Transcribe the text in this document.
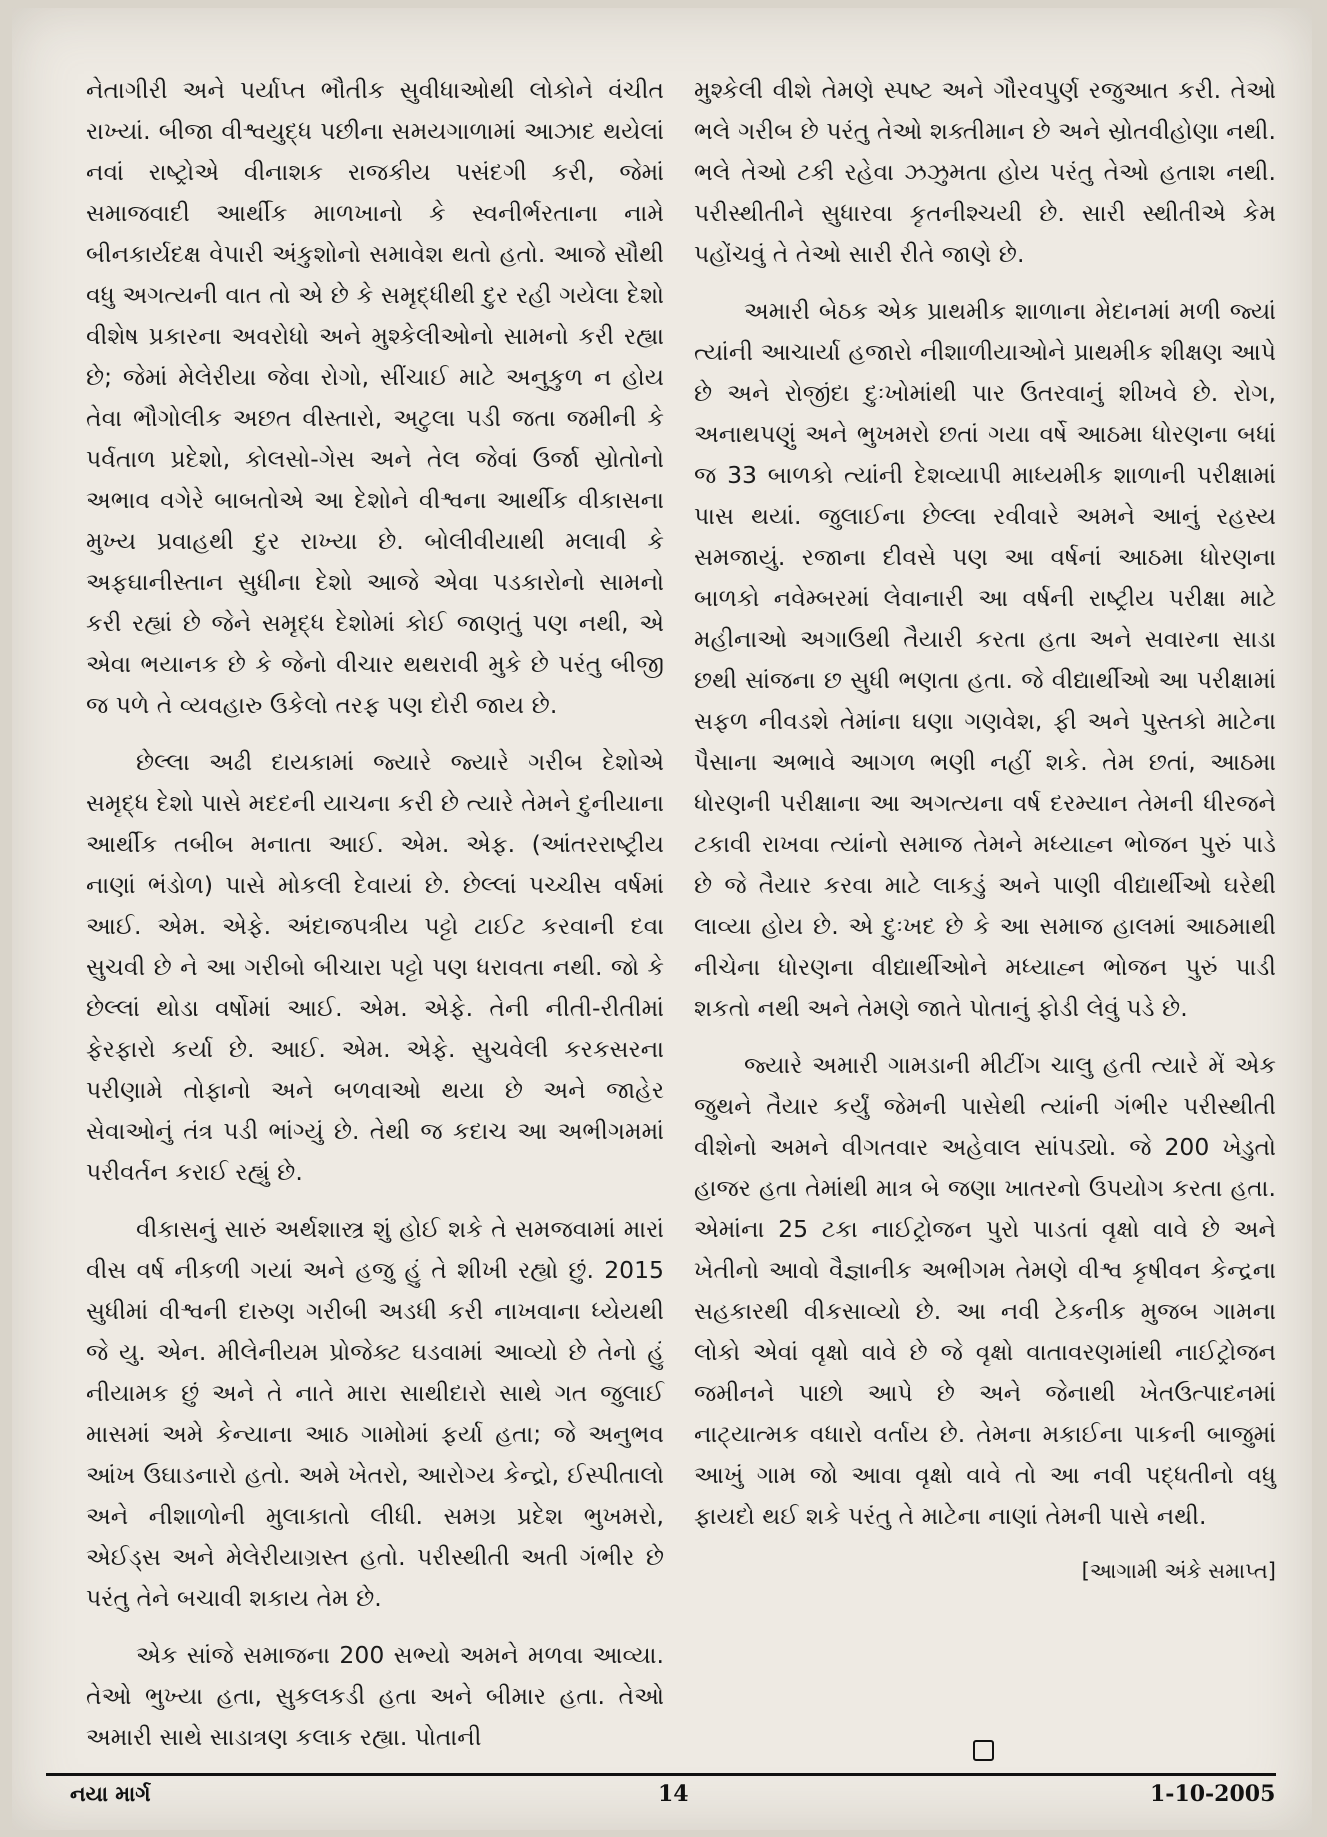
નેતાગીરી અને પર્યાપ્ત ભૌતીક સુવીધાઓથી લોકોને વંચીત રાખ્યાં. બીજા વીશ્વયુદ્ધ પછીના સમયગાળામાં આઝાદ થયેલાં નવાં રાષ્ટ્રોએ વીનાશક રાજકીય પસંદગી કરી, જેમાં સમાજવાદી આર્થીક માળખાનો કે સ્વનીર્ભરતાના નામે બીનકાર્યદક્ષ વેપારી અંકુશોનો સમાવેશ થતો હતો. આજે સૌથી વધુ અગત્યની વાત તો એ છે કે સમૃદ્ધીથી દુર રહી ગયેલા દેશો વીશેષ પ્રકારના અવરોધો અને મુશ્કેલીઓનો સામનો કરી રહ્યા છે; જેમાં મેલેરીયા જેવા રોગો, સીંચાઈ માટે અનુકુળ ન હોય તેવા ભૌગોલીક અછત વીસ્તારો, અટુલા પડી જતા જમીની કે પર્વતાળ પ્રદેશો, કોલસો-ગેસ અને તેલ જેવાં ઉર્જા સ્રોતોનો અભાવ વગેરે બાબતોએ આ દેશોને વીશ્વના આર્થીક વીકાસના મુખ્ય પ્રવાહથી દુર રાખ્યા છે. બોલીવીયાથી મલાવી કે અફઘાનીસ્તાન સુધીના દેશો આજે એવા પડકારોનો સામનો કરી રહ્યાં છે જેને સમૃદ્ધ દેશોમાં કોઈ જાણતું પણ નથી, એ એવા ભયાનક છે કે જેનો વીચાર થથરાવી મુકે છે પરંતુ બીજી જ પળે તે વ્યવહારુ ઉકેલો તરફ પણ દોરી જાય છે.

છેલ્લા અઢી દાયકામાં જ્યારે જ્યારે ગરીબ દેશોએ સમૃદ્ધ દેશો પાસે મદદની યાચના કરી છે ત્યારે તેમને દુનીયાના આર્થીક તબીબ મનાતા આઈ. એમ. એફ. (આંતરરાષ્ટ્રીય નાણાં ભંડોળ) પાસે મોકલી દેવાયાં છે. છેલ્લાં પચ્ચીસ વર્ષમાં આઈ. એમ. એફે. અંદાજપત્રીય પટ્ટો ટાઈટ કરવાની દવા સુચવી છે ને આ ગરીબો બીચારા પટ્ટો પણ ધરાવતા નથી. જો કે છેલ્લાં થોડા વર્ષોમાં આઈ. એમ. એફે. તેની નીતી-રીતીમાં ફેરફારો કર્યા છે. આઈ. એમ. એફે. સુચવેલી કરકસરના પરીણામે તોફાનો અને બળવાઓ થયા છે અને જાહેર સેવાઓનું તંત્ર પડી ભાંગ્યું છે. તેથી જ કદાચ આ અભીગમમાં પરીવર્તન કરાઈ રહ્યું છે.

વીકાસનું સારું અર્થશાસ્ત્ર શું હોઈ શકે તે સમજવામાં મારાં વીસ વર્ષ નીકળી ગયાં અને હજુ હું તે શીખી રહ્યો છું. 2015 સુધીમાં વીશ્વની દારુણ ગરીબી અડધી કરી નાખવાના ધ્યેયથી જે યુ. એન. મીલેનીયમ પ્રોજેક્ટ ઘડવામાં આવ્યો છે તેનો હું નીયામક છું અને તે નાતે મારા સાથીદારો સાથે ગત જુલાઈ માસમાં અમે કેન્યાના આઠ ગામોમાં ફર્યા હતા; જે અનુભવ આંખ ઉઘાડનારો હતો. અમે ખેતરો, આરોગ્ય કેન્દ્રો, ઈસ્પીતાલો અને નીશાળોની મુલાકાતો લીધી. સમગ્ર પ્રદેશ ભુખમરો, એઈડ્સ અને મેલેરીયાગ્રસ્ત હતો. પરીસ્થીતી અતી ગંભીર છે પરંતુ તેને બચાવી શકાય તેમ છે.

એક સાંજે સમાજના 200 સભ્યો અમને મળવા આવ્યા. તેઓ ભુખ્યા હતા, સુકલકડી હતા અને બીમાર હતા. તેઓ અમારી સાથે સાડાત્રણ કલાક રહ્યા. પોતાની

મુશ્કેલી વીશે તેમણે સ્પષ્ટ અને ગૌરવપુર્ણ રજુઆત કરી. તેઓ ભલે ગરીબ છે પરંતુ તેઓ શક્તીમાન છે અને સ્રોતવીહોણા નથી. ભલે તેઓ ટકી રહેવા ઝઝુમતા હોય પરંતુ તેઓ હતાશ નથી. પરીસ્થીતીને સુધારવા કૃતનીશ્ચયી છે. સારી સ્થીતીએ કેમ પહોંચવું તે તેઓ સારી રીતે જાણે છે.

અમારી બેઠક એક પ્રાથમીક શાળાના મેદાનમાં મળી જ્યાં ત્યાંની આચાર્યા હજારો નીશાળીયાઓને પ્રાથમીક શીક્ષણ આપે છે અને રોજીંદા દુઃખોમાંથી પાર ઉતરવાનું શીખવે છે. રોગ, અનાથપણું અને ભુખમરો છતાં ગયા વર્ષે આઠમા ધોરણના બધાં જ 33 બાળકો ત્યાંની દેશવ્યાપી માધ્યમીક શાળાની પરીક્ષામાં પાસ થયાં. જુલાઈના છેલ્લા રવીવારે અમને આનું રહસ્ય સમજાયું. રજાના દીવસે પણ આ વર્ષનાં આઠમા ધોરણના બાળકો નવેમ્બરમાં લેવાનારી આ વર્ષની રાષ્ટ્રીય પરીક્ષા માટે મહીનાઓ અગાઉથી તૈયારી કરતા હતા અને સવારના સાડા છથી સાંજના છ સુધી ભણતા હતા. જે વીદ્યાર્થીઓ આ પરીક્ષામાં સફળ નીવડશે તેમાંના ઘણા ગણવેશ, ફી અને પુસ્તકો માટેના પૈસાના અભાવે આગળ ભણી નહીં શકે. તેમ છતાં, આઠમા ધોરણની પરીક્ષાના આ અગત્યના વર્ષ દરમ્યાન તેમની ધીરજને ટકાવી રાખવા ત્યાંનો સમાજ તેમને મધ્યાહ્ન ભોજન પુરું પાડે છે જે તૈયાર કરવા માટે લાકડું અને પાણી વીદ્યાર્થીઓ ઘરેથી લાવ્યા હોય છે. એ દુઃખદ છે કે આ સમાજ હાલમાં આઠમાથી નીચેના ધોરણના વીદ્યાર્થીઓને મધ્યાહ્ન ભોજન પુરું પાડી શકતો નથી અને તેમણે જાતે પોતાનું ફોડી લેવું પડે છે.

જ્યારે અમારી ગામડાની મીટીંગ ચાલુ હતી ત્યારે મેં એક જુથને તૈયાર કર્યું જેમની પાસેથી ત્યાંની ગંભીર પરીસ્થીતી વીશેનો અમને વીગતવાર અહેવાલ સાંપડ્યો. જે 200 ખેડુતો હાજર હતા તેમાંથી માત્ર બે જણા ખાતરનો ઉપયોગ કરતા હતા. એમાંના 25 ટકા નાઈટ્રોજન પુરો પાડતાં વૃક્ષો વાવે છે અને ખેતીનો આવો વૈજ્ઞાનીક અભીગમ તેમણે વીશ્વ કૃષીવન કેન્દ્રના સહકારથી વીકસાવ્યો છે. આ નવી ટેકનીક મુજબ ગામના લોકો એવાં વૃક્ષો વાવે છે જે વૃક્ષો વાતાવરણમાંથી નાઈટ્રોજન જમીનને પાછો આપે છે અને જેનાથી ખેતઉત્પાદનમાં નાટ્યાત્મક વધારો વર્તાય છે. તેમના મકાઈના પાકની બાજુમાં આખું ગામ જો આવા વૃક્ષો વાવે તો આ નવી પદ્ધતીનો વધુ ફાયદો થઈ શકે પરંતુ તે માટેના નાણાં તેમની પાસે નથી.

[આગામી અંકે સમાપ્ત]
નયા માર્ગ	14	1-10-2005
